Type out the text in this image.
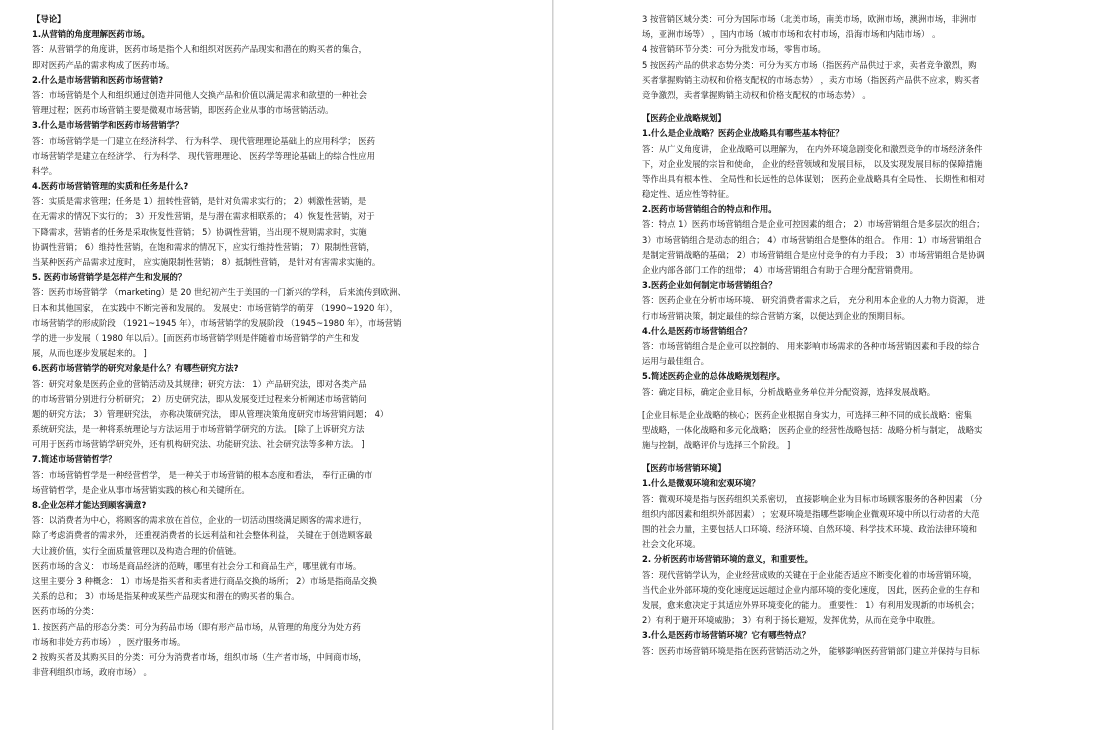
【导论】
1.从营销的角度理解医药市场。
答：从营销学的角度讲，医药市场是指个人和组织对医药产品现实和潜在的购买者的集合，
即对医药产品的需求构成了医药市场。
2.什么是市场营销和医药市场营销?
答：市场营销是个人和组织通过创造并同他人交换产品和价值以满足需求和欲望的一种社会
管理过程；医药市场营销主要是微观市场营销，即医药企业从事的市场营销活动。
3.什么是市场营销学和医药市场营销学？
答：市场营销学是一门建立在经济科学、 行为科学、 现代管理理论基础上的应用科学； 医药
市场营销学是建立在经济学、 行为科学、 现代管理理论、 医药学等理论基础上的综合性应用
科学。
4.医药市场营销管理的实质和任务是什么?
答：实质是需求管理；任务是 1）扭转性营销，是针对负需求实行的； 2）刺激性营销，是
在无需求的情况下实行的； 3）开发性营销，是与潜在需求相联系的； 4）恢复性营销，对于
下降需求，营销者的任务是采取恢复性营销； 5）协调性营销，当出现不规则需求时，实施
协调性营销； 6）维持性营销，在饱和需求的情况下，应实行维持性营销； 7）限制性营销，
当某种医药产品需求过度时， 应实施限制性营销； 8）抵制性营销， 是针对有害需求实施的。
5. 医药市场营销学是怎样产生和发展的？
答：医药市场营销学 （marketing）是 20 世纪初产生于美国的一门新兴的学科， 后来流传到欧洲、
日本和其他国家， 在实践中不断完善和发展的。 发展史：市场营销学的萌芽 （1990~1920 年），
市场营销学的形成阶段 （1921~1945 年），市场营销学的发展阶段 （1945~1980 年），市场营销
学的进一步发展（ 1980 年以后）。[而医药市场营销学则是伴随着市场营销学的产生和发
展，从而也逐步发展起来的。 ]
6.医药市场营销学的研究对象是什么？有哪些研究方法?
答：研究对象是医药企业的营销活动及其规律；研究方法： 1）产品研究法，即对各类产品
的市场营销分别进行分析研究； 2）历史研究法，即从发展变迁过程来分析阐述市场营销问
题的研究方法； 3）管理研究法， 亦称决策研究法， 即从管理决策角度研究市场营销问题； 4）
系统研究法，是一种将系统理论与方法运用于市场营销学研究的方法。 [除了上诉研究方法
可用于医药市场营销学研究外，还有机构研究法、功能研究法、社会研究法等多种方法。 ]
7.简述市场营销哲学？
答：市场营销哲学是一种经营哲学， 是一种关于市场营销的根本态度和看法， 奉行正确的市
场营销哲学，是企业从事市场营销实践的核心和关键所在。
8.企业怎样才能达到顾客满意?
答：以消费者为中心，将顾客的需求放在首位，企业的一切活动围绕满足顾客的需求进行，
除了考虑消费者的需求外， 还重视消费者的长远利益和社会整体利益， 关键在于创造顾客最
大让渡价值，实行全面质量管理以及构造合理的价值链。
医药市场的含义： 市场是商品经济的范畴，哪里有社会分工和商品生产，哪里就有市场。
这里主要分 3 种概念： 1）市场是指买者和卖者进行商品交换的场所； 2）市场是指商品交换
关系的总和； 3）市场是指某种或某些产品现实和潜在的购买者的集合。
医药市场的分类：
1. 按医药产品的形态分类：可分为药品市场（即有形产品市场，从管理的角度分为处方药
市场和非处方药市场） ，医疗服务市场。
2 按购买者及其购买目的分类：可分为消费者市场，组织市场（生产者市场，中间商市场，
非营利组织市场，政府市场） 。
3 按营销区域分类：可分为国际市场（北美市场，南美市场，欧洲市场，澳洲市场，非洲市
场，亚洲市场等） ，国内市场（城市市场和农村市场，沿海市场和内陆市场） 。
4 按营销环节分类：可分为批发市场，零售市场。
5 按医药产品的供求态势分类：可分为买方市场（指医药产品供过于求，卖者竞争激烈，购
买者掌握购销主动权和价格支配权的市场态势） ，卖方市场（指医药产品供不应求，购买者
竞争激烈，卖者掌握购销主动权和价格支配权的市场态势） 。
【医药企业战略规划】
1.什么是企业战略？医药企业战略具有哪些基本特征？
答：从广义角度讲， 企业战略可以理解为， 在内外环境急剧变化和激烈竞争的市场经济条件
下，对企业发展的宗旨和使命， 企业的经营领域和发展目标， 以及实现发展目标的保障措施
等作出具有根本性、 全局性和长远性的总体谋划； 医药企业战略具有全局性、 长期性和相对
稳定性、适应性等特征。
2.医药市场营销组合的特点和作用。
答：特点 1）医药市场营销组合是企业可控因素的组合； 2）市场营销组合是多层次的组合；
3）市场营销组合是动态的组合； 4）市场营销组合是整体的组合。 作用：1）市场营销组合
是制定营销战略的基础； 2）市场营销组合是应付竞争的有力手段； 3）市场营销组合是协调
企业内部各部门工作的纽带； 4）市场营销组合有助于合理分配营销费用。
3.医药企业如何制定市场营销组合？
答：医药企业在分析市场环境、 研究消费者需求之后， 充分利用本企业的人力物力资源， 进
行市场营销决策，制定最佳的综合营销方案，以便达到企业的预期目标。
4.什么是医药市场营销组合？
答：市场营销组合是企业可以控制的、 用来影响市场需求的各种市场营销因素和手段的综合
运用与最佳组合。
5.简述医药企业的总体战略规划程序。
答：确定目标，确定企业目标，分析战略业务单位并分配资源，选择发展战略。
[企业目标是企业战略的核心；医药企业根据自身实力，可选择三种不同的成长战略：密集
型战略，一体化战略和多元化战略； 医药企业的经营性战略包括：战略分析与制定， 战略实
施与控制，战略评价与选择三个阶段。 ]
【医药市场营销环境】
1.什么是微观环境和宏观环境？
答：微观环境是指与医药组织关系密切， 直接影响企业为目标市场顾客服务的各种因素 （分
组织内部因素和组织外部因素） ；宏观环境是指哪些影响企业微观环境中所以行动者的大范
围的社会力量，主要包括人口环境、经济环境、自然环境、科学技术环境、政治法律环境和
社会文化环境。
2. 分析医药市场营销环境的意义，和重要性。
答：现代营销学认为，企业经营成败的关键在于企业能否适应不断变化着的市场营销环境，
当代企业外部环境的变化速度远远超过企业内部环境的变化速度， 因此，医药企业的生存和
发展，愈来愈决定于其适应外界环境变化的能力。 重要性： 1）有利用发现新的市场机会；
2）有利于避开环境威胁； 3）有利于扬长避短，发挥优势，从而在竞争中取胜。
3.什么是医药市场营销环境？它有哪些特点？
答：医药市场营销环境是指在医药营销活动之外， 能够影响医药营销部门建立并保持与目标
